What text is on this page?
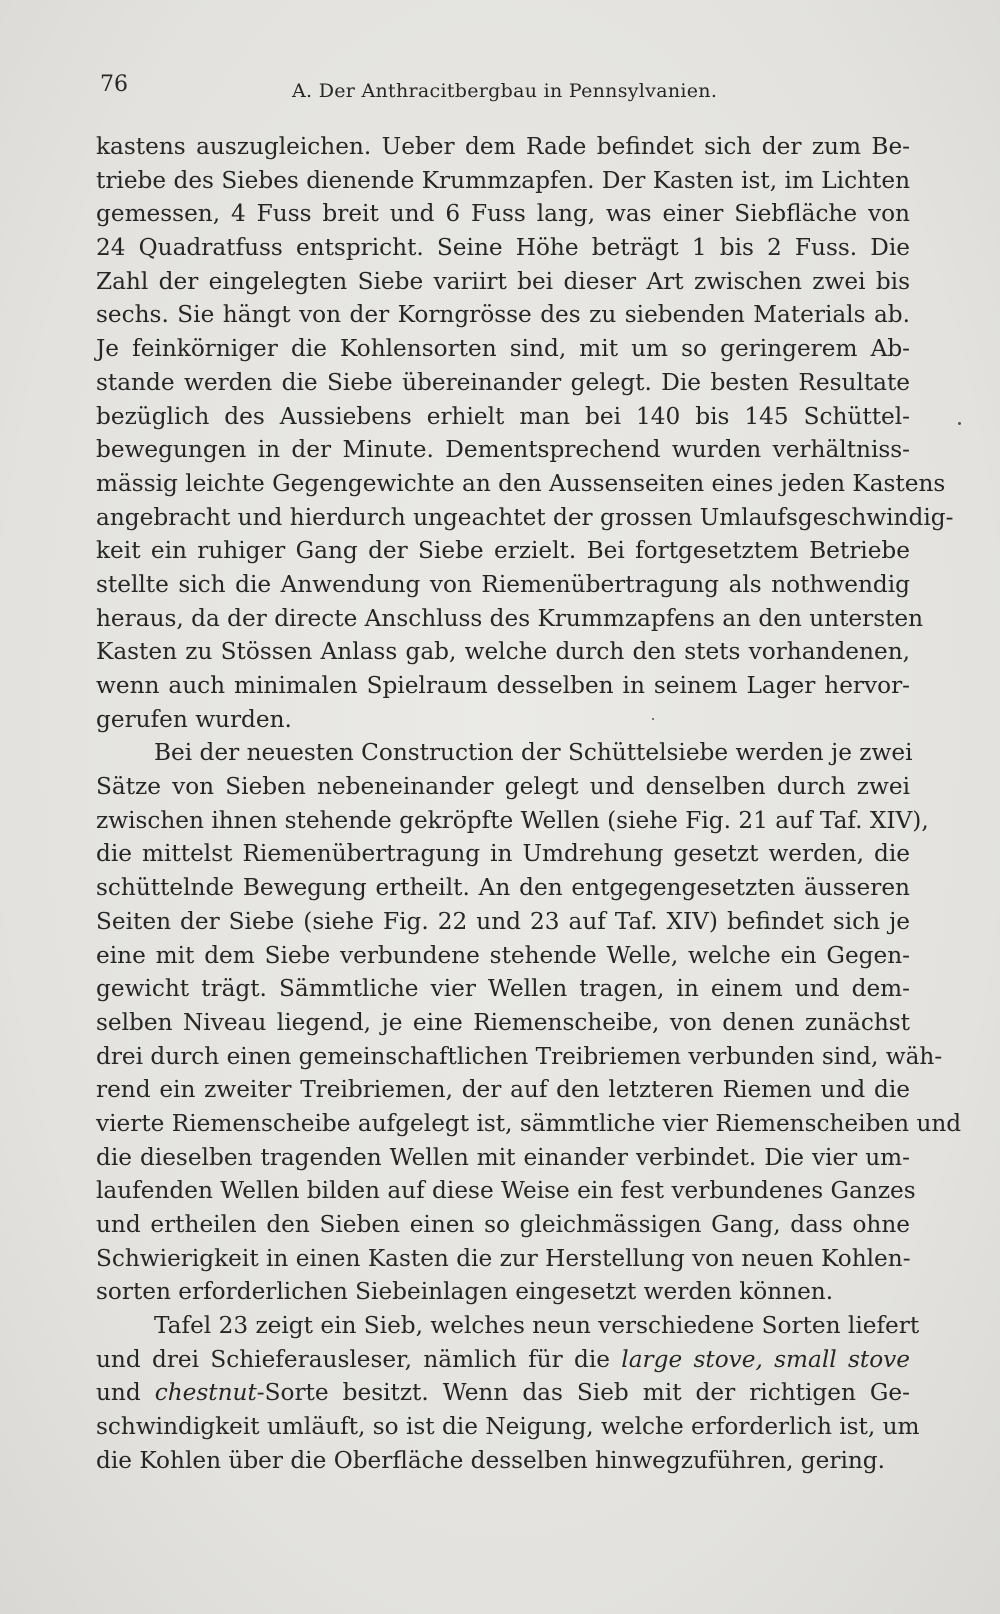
76	A. Der Anthracitbergbau in Pennsylvanien.
kastens auszugleichen. Ueber dem Rade befindet sich der zum Be-
triebe des Siebes dienende Krummzapfen. Der Kasten ist, im Lichten
gemessen, 4 Fuss breit und 6 Fuss lang, was einer Siebfläche von
24 Quadratfuss entspricht. Seine Höhe beträgt 1 bis 2 Fuss. Die
Zahl der eingelegten Siebe variirt bei dieser Art zwischen zwei bis
sechs. Sie hängt von der Korngrösse des zu siebenden Materials ab.
Je feinkörniger die Kohlensorten sind, mit um so geringerem Ab-
stande werden die Siebe übereinander gelegt. Die besten Resultate
bezüglich des Aussiebens erhielt man bei 140 bis 145 Schüttel-
bewegungen in der Minute. Dementsprechend wurden verhältniss-
mässig leichte Gegengewichte an den Aussenseiten eines jeden Kastens
angebracht und hierdurch ungeachtet der grossen Umlaufsgeschwindig-
keit ein ruhiger Gang der Siebe erzielt. Bei fortgesetztem Betriebe
stellte sich die Anwendung von Riemenübertragung als nothwendig
heraus, da der directe Anschluss des Krummzapfens an den untersten
Kasten zu Stössen Anlass gab, welche durch den stets vorhandenen,
wenn auch minimalen Spielraum desselben in seinem Lager hervor-
gerufen wurden.
Bei der neuesten Construction der Schüttelsiebe werden je zwei
Sätze von Sieben nebeneinander gelegt und denselben durch zwei
zwischen ihnen stehende gekröpfte Wellen (siehe Fig. 21 auf Taf. XIV),
die mittelst Riemenübertragung in Umdrehung gesetzt werden, die
schüttelnde Bewegung ertheilt. An den entgegengesetzten äusseren
Seiten der Siebe (siehe Fig. 22 und 23 auf Taf. XIV) befindet sich je
eine mit dem Siebe verbundene stehende Welle, welche ein Gegen-
gewicht trägt. Sämmtliche vier Wellen tragen, in einem und dem-
selben Niveau liegend, je eine Riemenscheibe, von denen zunächst
drei durch einen gemeinschaftlichen Treibriemen verbunden sind, wäh-
rend ein zweiter Treibriemen, der auf den letzteren Riemen und die
vierte Riemenscheibe aufgelegt ist, sämmtliche vier Riemenscheiben und
die dieselben tragenden Wellen mit einander verbindet. Die vier um-
laufenden Wellen bilden auf diese Weise ein fest verbundenes Ganzes
und ertheilen den Sieben einen so gleichmässigen Gang, dass ohne
Schwierigkeit in einen Kasten die zur Herstellung von neuen Kohlen-
sorten erforderlichen Siebeinlagen eingesetzt werden können.
Tafel 23 zeigt ein Sieb, welches neun verschiedene Sorten liefert
und drei Schieferausleser, nämlich für die large stove, small stove
und chestnut-Sorte besitzt. Wenn das Sieb mit der richtigen Ge-
schwindigkeit umläuft, so ist die Neigung, welche erforderlich ist, um
die Kohlen über die Oberfläche desselben hinwegzuführen, gering.
